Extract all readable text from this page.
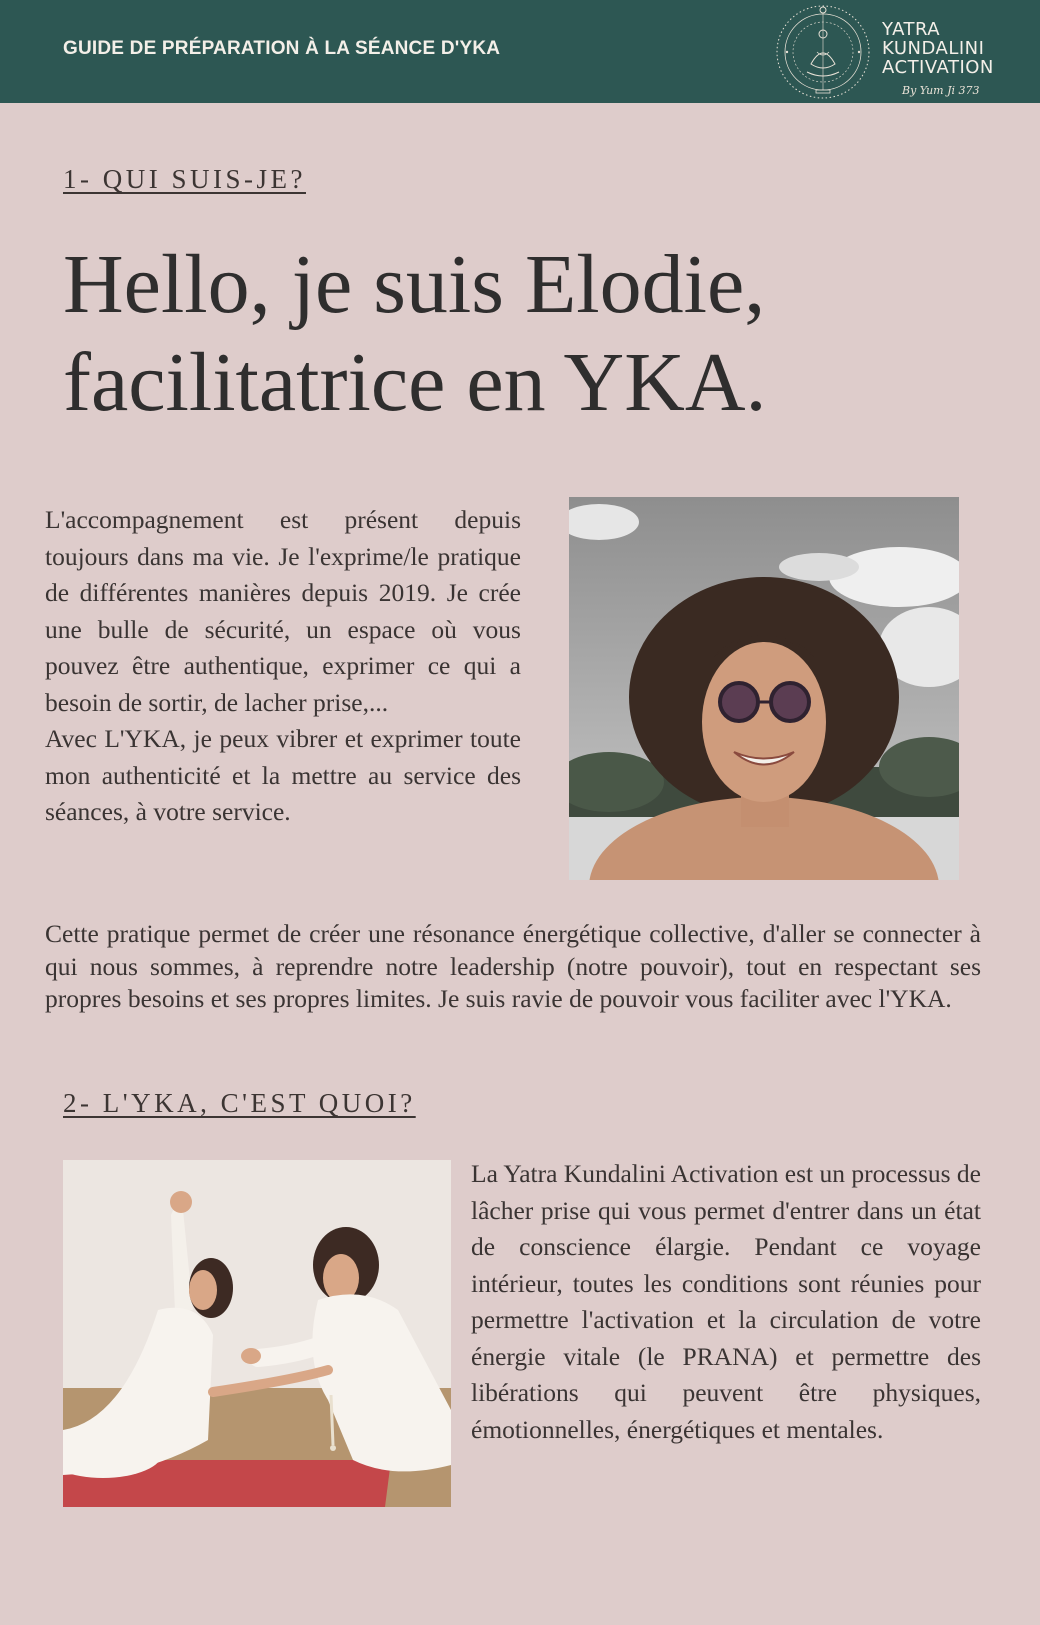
GUIDE DE PRÉPARATION À LA SÉANCE D'YKA
YATRA
KUNDALINI
ACTIVATION
By Yum Ji 373
1- QUI SUIS-JE?
Hello, je suis Elodie,
facilitatrice en YKA.
L'accompagnement est présent depuis toujours dans ma vie. Je l'exprime/le pratique de différentes manières depuis 2019. Je crée une bulle de sécurité, un espace où vous pouvez être authentique, exprimer ce qui a besoin de sortir, de lacher prise,...
Avec L'YKA, je peux vibrer et exprimer toute mon authenticité et la mettre au service des séances, à votre service.
Cette pratique permet de créer une résonance énergétique collective, d'aller se connecter à qui nous sommes, à reprendre notre leadership (notre pouvoir), tout en respectant ses propres besoins et ses propres limites. Je suis ravie de pouvoir vous faciliter avec l'YKA.
2- L'YKA, C'EST QUOI?
La Yatra Kundalini Activation est un processus de lâcher prise qui vous permet d'entrer dans un état de conscience élargie. Pendant ce voyage intérieur, toutes les conditions sont réunies pour permettre l'activation et la circulation de votre énergie vitale (le PRANA) et permettre des libérations qui peuvent être physiques, émotionnelles, énergétiques et mentales.
